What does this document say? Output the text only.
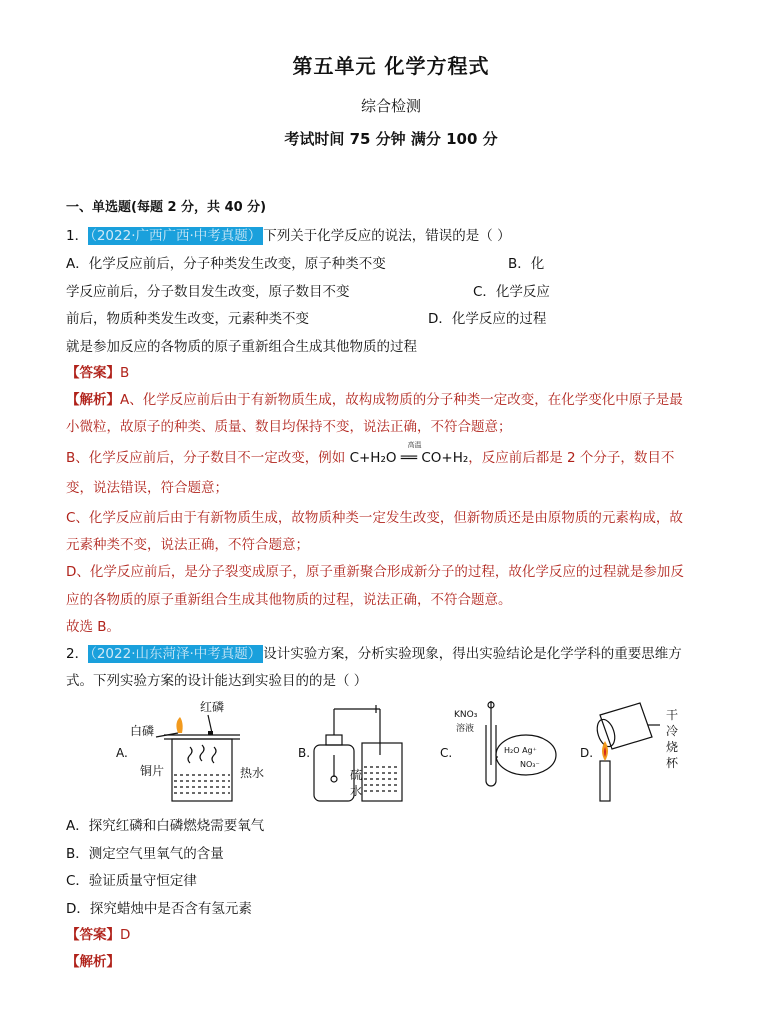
第五单元 化学方程式
综合检测
考试时间 75 分钟 满分 100 分
一、单选题(每题 2 分，共 40 分)
1． （2022·广西广西·中考真题） 下列关于化学反应的说法，错误的是（ ）
A．化学反应前后，分子种类发生改变，原子种类不变	B．化
学反应前后，分子数目发生改变，原子数目不变	C．化学反应
前后，物质种类发生改变，元素种类不变	D．化学反应的过程
就是参加反应的各物质的原子重新组合生成其他物质的过程
【答案】B
【解析】A、化学反应前后由于有新物质生成，故构成物质的分子种类一定改变，在化学变化中原子是最
小微粒，故原子的种类、质量、数目均保持不变，说法正确，不符合题意；
B、化学反应前后，分子数目不一定改变，例如
高温
C+H₂O ══ CO+H₂，反应前后都是 2 个分子，数目不
变，说法错误，符合题意；
C、化学反应前后由于有新物质生成，故物质种类一定发生改变，但新物质还是由原物质的元素构成，故
元素种类不变，说法正确，不符合题意；
D、化学反应前后，是分子裂变成原子，原子重新聚合形成新分子的过程，故化学反应的过程就是参加反
应的各物质的原子重新组合生成其他物质的过程，说法正确，不符合题意。
故选 B。
2． （2022·山东菏泽·中考真题） 设计实验方案，分析实验现象，得出实验结论是化学学科的重要思维方
式。下列实验方案的设计能达到实验目的的是（ ）
A.
红磷
白磷
铜片	热水
B.
硫
水
C.
KNO₃
溶液
H₂O Ag⁺
NO₃⁻
D.
干 冷 烧 杯
A．探究红磷和白磷燃烧需要氧气
B．测定空气里氧气的含量
C．验证质量守恒定律
D．探究蜡烛中是否含有氢元素
【答案】D
【解析】
